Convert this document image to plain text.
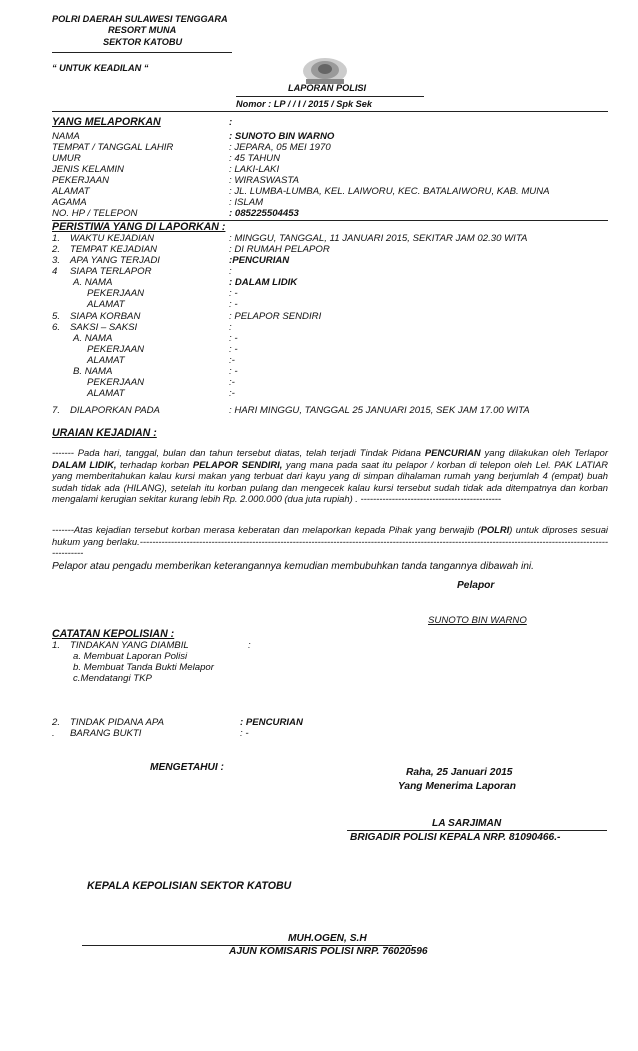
POLRI DAERAH SULAWESI TENGGARA
RESORT MUNA
SEKTOR KATOBU
“ UNTUK KEADILAN “
LAPORAN POLISI
Nomor : LP / / I / 2015 / Spk Sek
YANG MELAPORKAN	:
NAMA	: SUNOTO BIN WARNO
TEMPAT / TANGGAL LAHIR	: JEPARA, 05 MEI 1970
UMUR	: 45 TAHUN
JENIS KELAMIN	: LAKI-LAKI
PEKERJAAN	: WIRASWASTA
ALAMAT	: JL. LUMBA-LUMBA, KEL. LAIWORU, KEC. BATALAIWORU, KAB. MUNA
AGAMA	: ISLAM
NO. HP / TELEPON	: 085225504453
PERISTIWA YANG DI LAPORKAN :
1. WAKTU KEJADIAN	: MINGGU, TANGGAL, 11 JANUARI 2015, SEKITAR JAM 02.30 WITA
2. TEMPAT KEJADIAN	: DI RUMAH PELAPOR
3. APA YANG TERJADI	:PENCURIAN
4 SIAPA TERLAPOR	:
A. NAMA	: DALAM LIDIK
PEKERJAAN	: -
ALAMAT	: -
5. SIAPA KORBAN	: PELAPOR SENDIRI
6. SAKSI – SAKSI	:
A. NAMA	: -
PEKERJAAN	: -
ALAMAT	:-
B. NAMA	: -
PEKERJAAN	:-
ALAMAT	:-
7. DILAPORKAN PADA	: HARI MINGGU, TANGGAL 25 JANUARI 2015, SEK JAM 17.00 WITA
URAIAN KEJADIAN :
------- Pada hari, tanggal, bulan dan tahun tersebut diatas, telah terjadi Tindak Pidana PENCURIAN yang dilakukan oleh Terlapor DALAM LIDIK, terhadap korban PELAPOR SENDIRI, yang mana pada saat itu pelapor / korban di telepon oleh Lel. PAK LATIAR yang memberitahukan kalau kursi makan yang terbuat dari kayu yang di simpan dihalaman rumah yang berjumlah 4 (empat) buah sudah tidak ada (HILANG), setelah itu korban pulang dan mengecek kalau kursi tersebut sudah tidak ada ditempatnya dan korban mengalami kerugian sekitar kurang lebih Rp. 2.000.000 (dua juta rupiah) . ---------------------------------------------
-------Atas kejadian tersebut korban merasa keberatan dan melaporkan kepada Pihak yang berwajib (POLRI) untuk diproses sesuai hukum yang berlaku.----------------------------------------------------------------------------------------------------------------------------------------------------------------
Pelapor atau pengadu memberikan keterangannya kemudian membubuhkan tanda tangannya dibawah ini.
Pelapor
SUNOTO BIN WARNO
CATATAN KEPOLISIAN :
1. TINDAKAN YANG DIAMBIL	:
a. Membuat Laporan Polisi
b. Membuat Tanda Bukti Melapor
c.Mendatangi TKP
2. TINDAK PIDANA APA	: PENCURIAN
. BARANG BUKTI	: -
MENGETAHUI :	Raha, 25 Januari 2015
Yang Menerima Laporan
LA SARJIMAN
BRIGADIR POLISI KEPALA NRP. 81090466.-
KEPALA KEPOLISIAN SEKTOR KATOBU
MUH.OGEN, S.H
AJUN KOMISARIS POLISI NRP. 76020596
